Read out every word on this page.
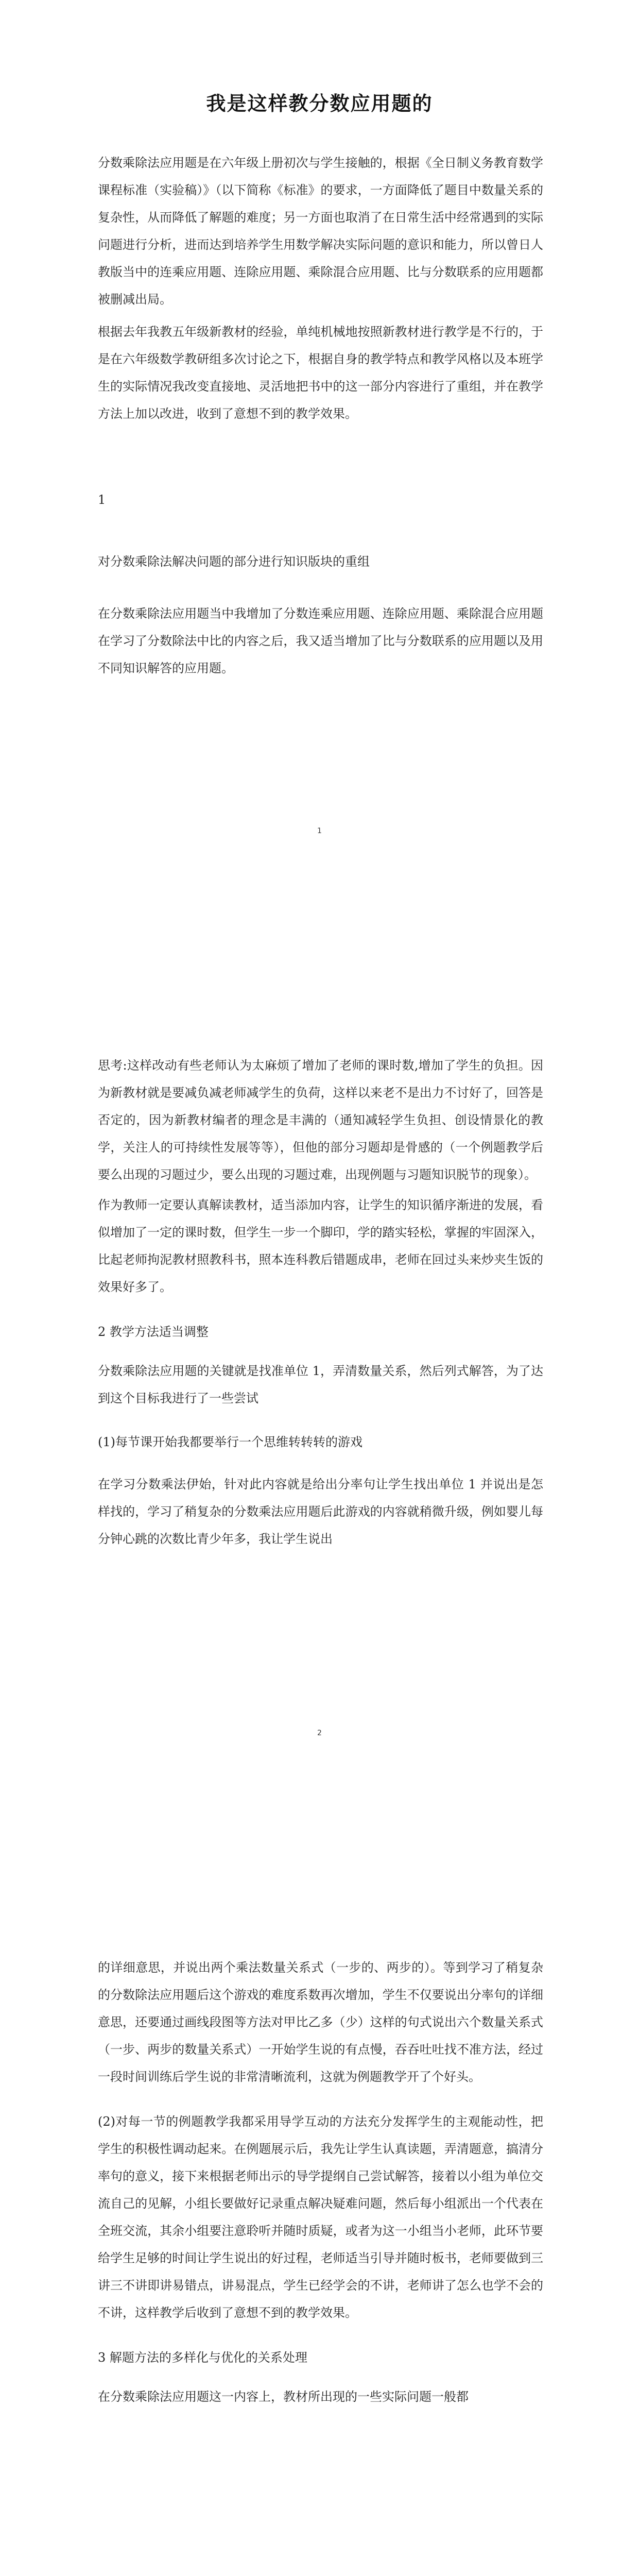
我是这样教分数应用题的

分数乘除法应用题是在六年级上册初次与学生接触的，根据《全日制义务教育数学课程标准（实验稿）》（以下简称《标准》的要求，一方面降低了题目中数量关系的复杂性，从而降低了解题的难度；另一方面也取消了在日常生活中经常遇到的实际问题进行分析，进而达到培养学生用数学解决实际问题的意识和能力，所以曾日人教版当中的连乘应用题、连除应用题、乘除混合应用题、比与分数联系的应用题都被删减出局。

根据去年我教五年级新教材的经验，单纯机械地按照新教材进行教学是不行的，于是在六年级数学教研组多次讨论之下，根据自身的教学特点和教学风格以及本班学生的实际情况我改变直接地、灵活地把书中的这一部分内容进行了重组，并在教学方法上加以改进，收到了意想不到的教学效果。

1

对分数乘除法解决问题的部分进行知识版块的重组

在分数乘除法应用题当中我增加了分数连乘应用题、连除应用题、乘除混合应用题在学习了分数除法中比的内容之后，我又适当增加了比与分数联系的应用题以及用不同知识解答的应用题。

1

思考:这样改动有些老师认为太麻烦了增加了老师的课时数,增加了学生的负担。因为新教材就是要减负减老师减学生的负荷，这样以来老不是出力不讨好了，回答是否定的，因为新教材编者的理念是丰满的（通知减轻学生负担、创设情景化的教学，关注人的可持续性发展等等），但他的部分习题却是骨感的（一个例题教学后要么出现的习题过少，要么出现的习题过难，出现例题与习题知识脱节的现象）。

作为教师一定要认真解读教材，适当添加内容，让学生的知识循序渐进的发展，看似增加了一定的课时数，但学生一步一个脚印，学的踏实轻松，掌握的牢固深入，比起老师拘泥教材照教科书，照本连科教后错题成串，老师在回过头来炒夹生饭的效果好多了。

2 教学方法适当调整

分数乘除法应用题的关键就是找准单位 1，弄清数量关系，然后列式解答，为了达到这个目标我进行了一些尝试

(1)每节课开始我都要举行一个思维转转转的游戏

在学习分数乘法伊始，针对此内容就是给出分率句让学生找出单位 1 并说出是怎样找的，学习了稍复杂的分数乘法应用题后此游戏的内容就稍微升级，例如婴儿每分钟心跳的次数比青少年多，我让学生说出

2

的详细意思，并说出两个乘法数量关系式（一步的、两步的）。等到学习了稍复杂的分数除法应用题后这个游戏的难度系数再次增加，学生不仅要说出分率句的详细意思，还要通过画线段图等方法对甲比乙多（少）这样的句式说出六个数量关系式（一步、两步的数量关系式）一开始学生说的有点慢，吞吞吐吐找不准方法，经过一段时间训练后学生说的非常清晰流利，这就为例题教学开了个好头。

(2)对每一节的例题教学我都采用导学互动的方法充分发挥学生的主观能动性，把学生的积极性调动起来。在例题展示后，我先让学生认真读题，弄清题意，搞清分率句的意义，接下来根据老师出示的导学提纲自己尝试解答，接着以小组为单位交流自己的见解，小组长要做好记录重点解决疑难问题，然后每小组派出一个代表在全班交流，其余小组要注意聆听并随时质疑，或者为这一小组当小老师，此环节要给学生足够的时间让学生说出的好过程，老师适当引导并随时板书，老师要做到三讲三不讲即讲易错点，讲易混点，学生已经学会的不讲，老师讲了怎么也学不会的不讲，这样教学后收到了意想不到的教学效果。

3 解题方法的多样化与优化的关系处理

在分数乘除法应用题这一内容上，教材所出现的一些实际问题一般都
